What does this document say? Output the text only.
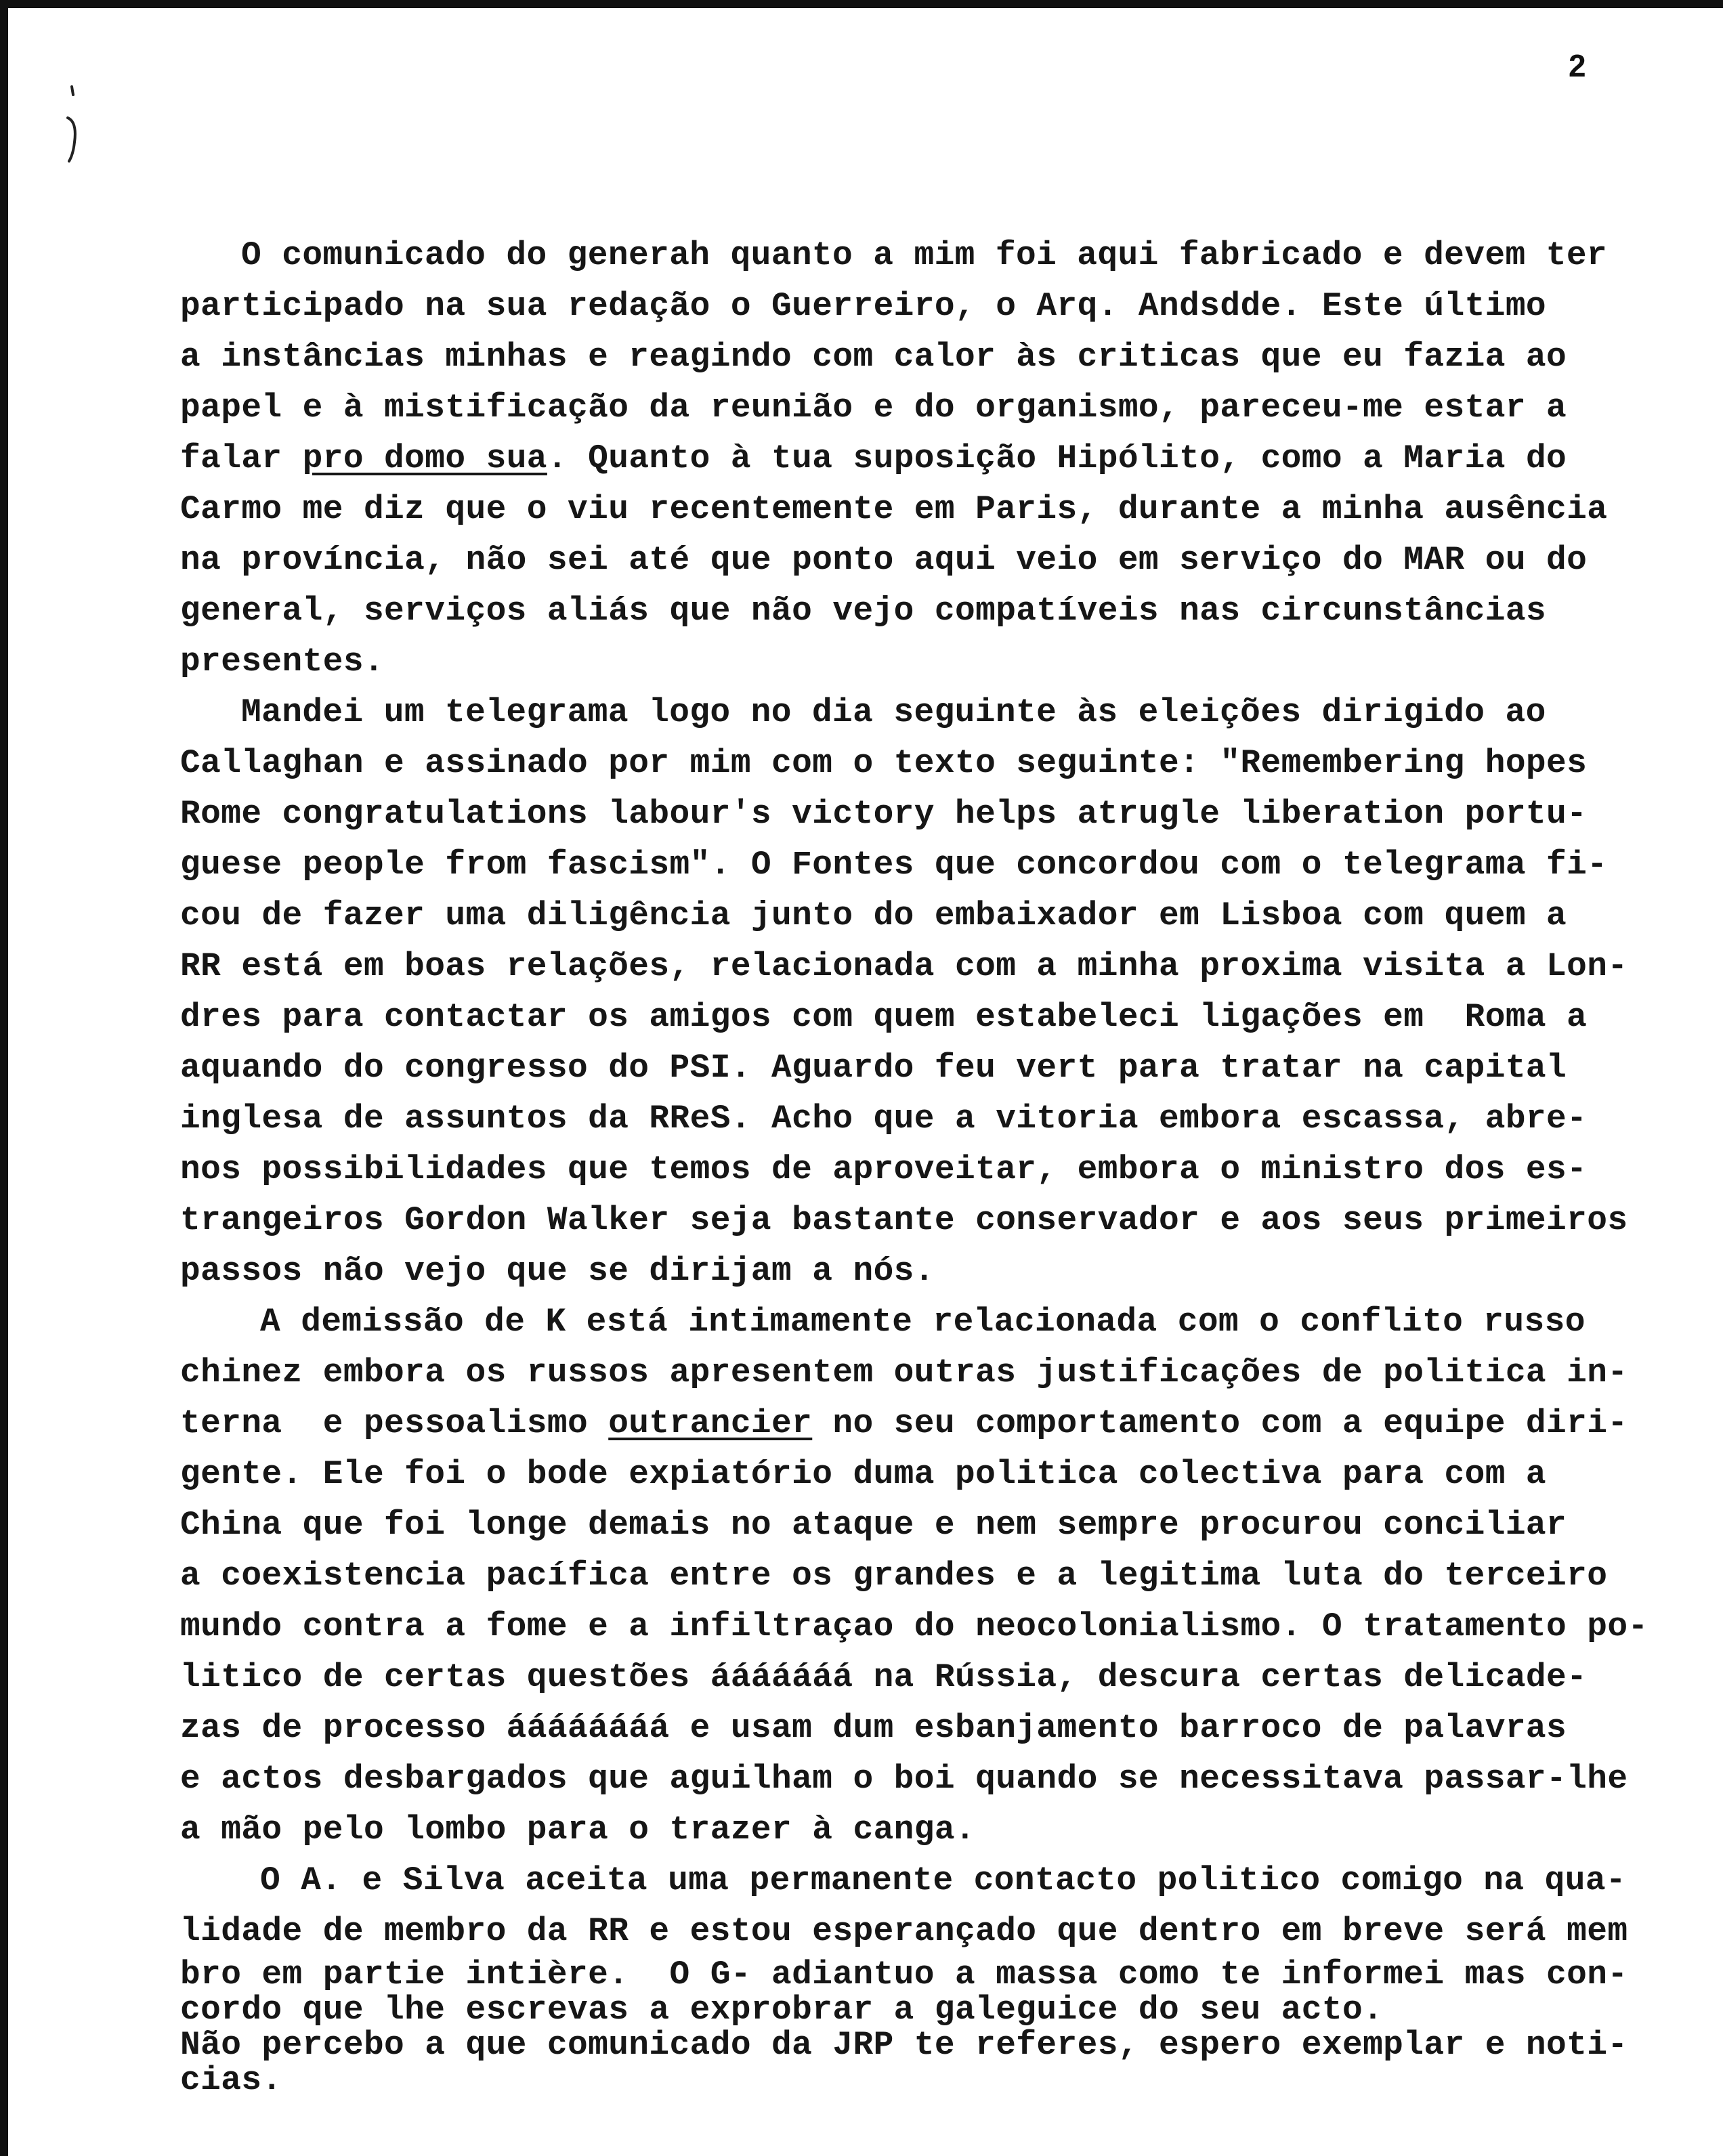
2
O comunicado do generah quanto a mim foi aqui fabricado e devem ter
participado na sua redação o Guerreiro, o Arq. Andsdde. Este último
a instâncias minhas e reagindo com calor às criticas que eu fazia ao
papel e à mistificação da reunião e do organismo, pareceu-me estar a
falar pro domo sua. Quanto à tua suposição Hipólito, como a Maria do
Carmo me diz que o viu recentemente em Paris, durante a minha ausência
na província, não sei até que ponto aqui veio em serviço do MAR ou do
general, serviços aliás que não vejo compatíveis nas circunstâncias
presentes.
Mandei um telegrama logo no dia seguinte às eleições dirigido ao
Callaghan e assinado por mim com o texto seguinte: "Remembering hopes
Rome congratulations labour's victory helps atrugle liberation portu-
guese people from fascism". O Fontes que concordou com o telegrama fi-
cou de fazer uma diligência junto do embaixador em Lisboa com quem a
RR está em boas relações, relacionada com a minha proxima visita a Lon-
dres para contactar os amigos com quem estabeleci ligações em  Roma a
aquando do congresso do PSI. Aguardo feu vert para tratar na capital
inglesa de assuntos da RReS. Acho que a vitoria embora escassa, abre-
nos possibilidades que temos de aproveitar, embora o ministro dos es-
trangeiros Gordon Walker seja bastante conservador e aos seus primeiros
passos não vejo que se dirijam a nós.
A demissão de K está intimamente relacionada com o conflito russo
chinez embora os russos apresentem outras justificações de politica in-
terna  e pessoalismo outrancier no seu comportamento com a equipe diri-
gente. Ele foi o bode expiatório duma politica colectiva para com a
China que foi longe demais no ataque e nem sempre procurou conciliar
a coexistencia pacífica entre os grandes e a legitima luta do terceiro
mundo contra a fome e a infiltraçao do neocolonialismo. O tratamento po-
litico de certas questões ááááááá na Rússia, descura certas delicade-
zas de processo áááááááá e usam dum esbanjamento barroco de palavras
e actos desbargados que aguilham o boi quando se necessitava passar-lhe
a mão pelo lombo para o trazer à canga.
O A. e Silva aceita uma permanente contacto politico comigo na qua-
lidade de membro da RR e estou esperançado que dentro em breve será mem
bro em partie intière.  O G- adiantuo a massa como te informei mas con-
cordo que lhe escrevas a exprobrar a galeguice do seu acto.
Não percebo a que comunicado da JRP te referes, espero exemplar e noti-
cias.
